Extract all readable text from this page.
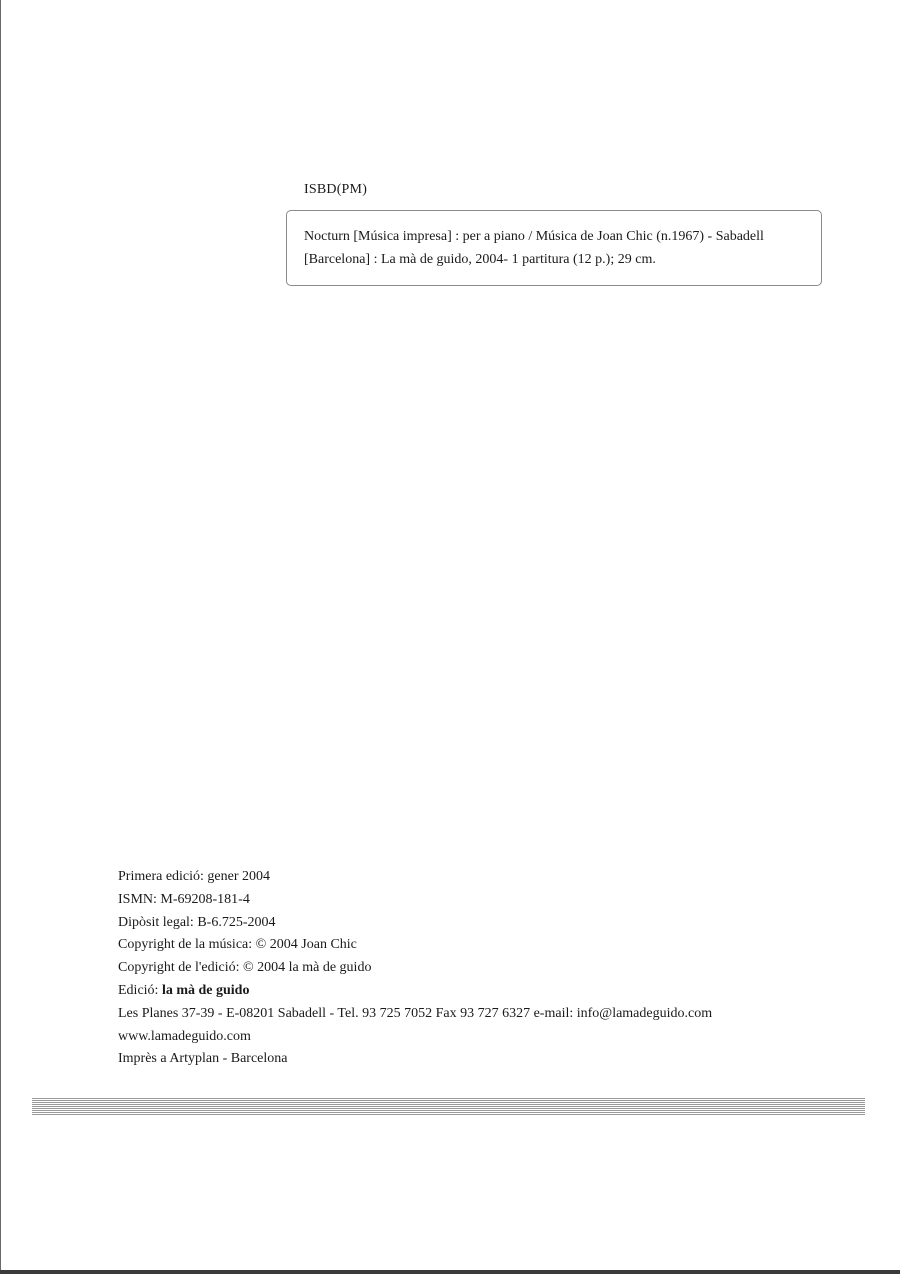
ISBD(PM)
Nocturn [Música impresa] : per a piano / Música de Joan Chic (n.1967) - Sabadell
[Barcelona] : La mà de guido, 2004- 1 partitura (12 p.); 29 cm.
Primera edició: gener 2004
ISMN: M-69208-181-4
Dipòsit legal: B-6.725-2004
Copyright de la música: © 2004 Joan Chic
Copyright de l'edició: © 2004 la mà de guido
Edició: la mà de guido
Les Planes 37-39 - E-08201 Sabadell - Tel. 93 725 7052 Fax 93 727 6327 e-mail: info@lamadeguido.com
www.lamadeguido.com
Imprès a Artyplan - Barcelona
